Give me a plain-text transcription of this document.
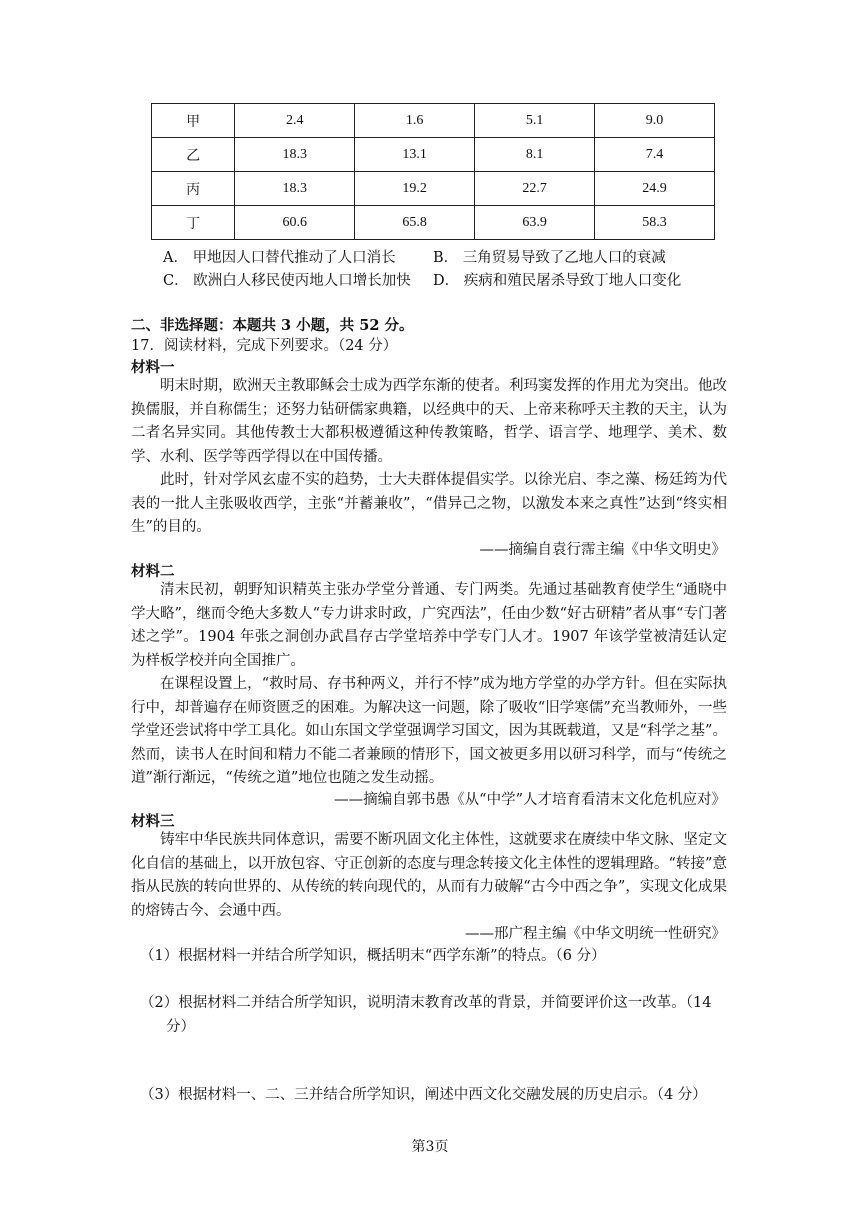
甲	2.4	1.6	5.1	9.0
乙	18.3	13.1	8.1	7.4
丙	18.3	19.2	22.7	24.9
丁	60.6	65.8	63.9	58.3
A． 甲地因人口替代推动了人口消长	B． 三角贸易导致了乙地人口的衰减
C． 欧洲白人移民使丙地人口增长加快 D． 疾病和殖民屠杀导致丁地人口变化
二、非选择题：本题共 3 小题，共 52 分。
17．阅读材料，完成下列要求。（24 分）
材料一
明末时期，欧洲天主教耶稣会士成为西学东渐的使者。利玛窦发挥的作用尤为突出。他改换儒服，并自称儒生；还努力钻研儒家典籍，以经典中的天、上帝来称呼天主教的天主，认为二者名异实同。其他传教士大都积极遵循这种传教策略，哲学、语言学、地理学、美术、数学、水利、医学等西学得以在中国传播。
此时，针对学风玄虚不实的趋势，士大夫群体提倡实学。以徐光启、李之藻、杨廷筠为代表的一批人主张吸收西学，主张“并蓄兼收”，“借异己之物，以激发本来之真性”达到“终实相生”的目的。
——摘编自袁行霈主编《中华文明史》
材料二
清末民初，朝野知识精英主张办学堂分普通、专门两类。先通过基础教育使学生“通晓中学大略”，继而令绝大多数人“专力讲求时政，广究西法”，任由少数“好古研精”者从事“专门著述之学”。1904 年张之洞创办武昌存古学堂培养中学专门人才。1907 年该学堂被清廷认定为样板学校并向全国推广。
在课程设置上，“救时局、存书种两义，并行不悖”成为地方学堂的办学方针。但在实际执行中，却普遍存在师资匮乏的困难。为解决这一问题，除了吸收“旧学寒儒”充当教师外，一些学堂还尝试将中学工具化。如山东国文学堂强调学习国文，因为其既载道，又是“科学之基”。然而，读书人在时间和精力不能二者兼顾的情形下，国文被更多用以研习科学，而与“传统之道”渐行渐远，“传统之道”地位也随之发生动摇。
——摘编自郭书愚《从“中学”人才培育看清末文化危机应对》
材料三
铸牢中华民族共同体意识，需要不断巩固文化主体性，这就要求在赓续中华文脉、坚定文化自信的基础上，以开放包容、守正创新的态度与理念转接文化主体性的逻辑理路。“转接”意指从民族的转向世界的、从传统的转向现代的，从而有力破解“古今中西之争”，实现文化成果的熔铸古今、会通中西。
——邢广程主编《中华文明统一性研究》
（1）根据材料一并结合所学知识，概括明末“西学东渐”的特点。（6 分）
（2）根据材料二并结合所学知识，说明清末教育改革的背景，并简要评价这一改革。（14
分）
（3）根据材料一、二、三并结合所学知识，阐述中西文化交融发展的历史启示。（4 分）
第3页
